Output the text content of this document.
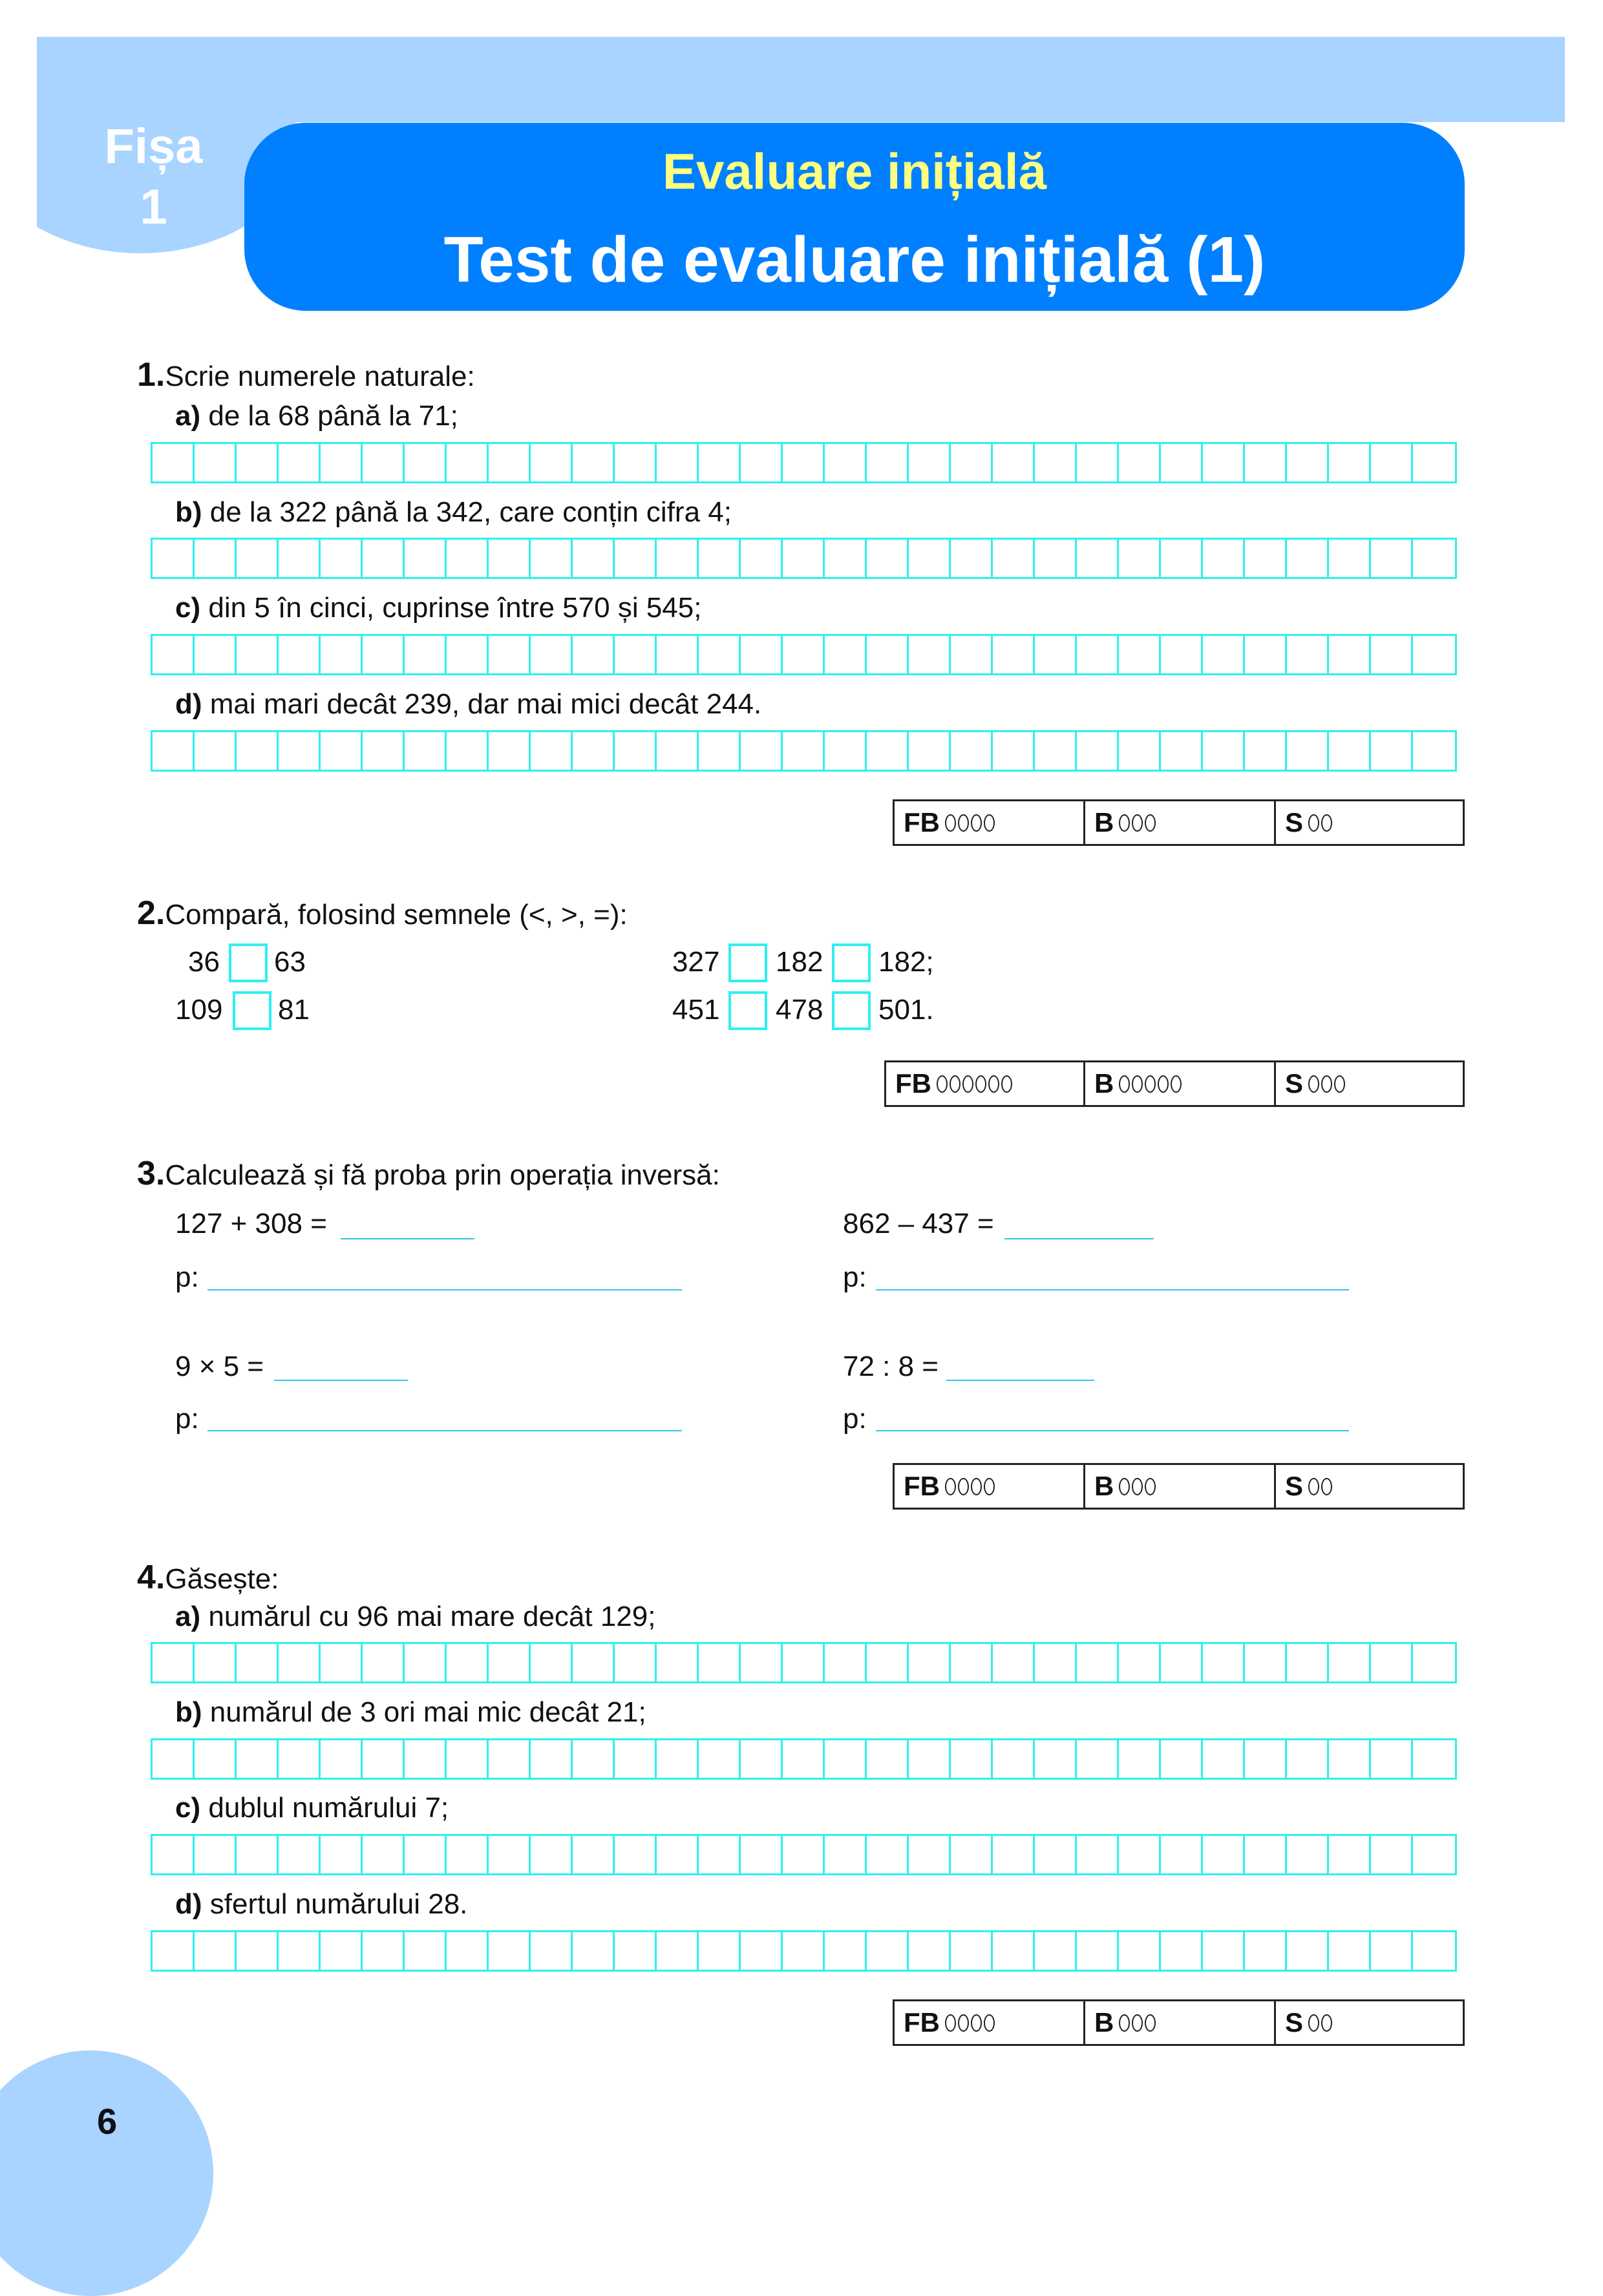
Fișa
1
Evaluare inițială
Test de evaluare inițială (1)
1.Scrie numerele naturale:
a) de la 68 până la 71;
b) de la 322 până la 342, care conțin cifra 4;
c) din 5 în cinci, cuprinse între 570 și 545;
d) mai mari decât 239, dar mai mici decât 244.
2.Compară, folosind semnele (<, >, =):
36 63
109 81
327 182 182;
451 478 501.
3.Calculează și fă proba prin operația inversă:
127 + 308 =	862 – 437 =
p:	p:
9 × 5 =	72 : 8 =
p:	p:
4.Găsește:
a) numărul cu 96 mai mare decât 129;
b) numărul de 3 ori mai mic decât 21;
c) dublul numărului 7;
d) sfertul numărului 28.
FB	B	S
FB	B	S
FB	B	S
FB	B	S
6
